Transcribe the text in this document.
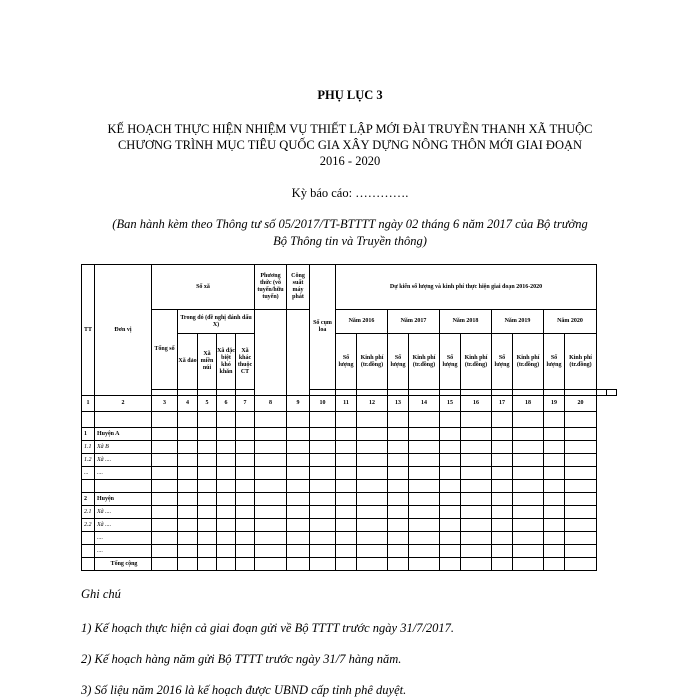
PHỤ LỤC 3
KẾ HOẠCH THỰC HIỆN NHIỆM VỤ THIẾT LẬP MỚI ĐÀI TRUYỀN THANH XÃ THUỘC
CHƯƠNG TRÌNH MỤC TIÊU QUỐC GIA XÂY DỰNG NÔNG THÔN MỚI GIAI ĐOẠN
2016 - 2020
Kỳ báo cáo: ………….
(Ban hành kèm theo Thông tư số 05/2017/TT-BTTTT ngày 02 tháng 6 năm 2017 của Bộ trưởng
Bộ Thông tin và Truyền thông)
TT	Đơn vị	Số xã					Phương thức (vô tuyến/hữu tuyến)	Công suất máy phát	Số cụm loa	Dự kiến số lượng và kinh phí thực hiện giai đoạn 2016-2020											
		Tổng số	Trong đó (đề nghị đánh dấu X)							Năm 2016		Năm 2017		Năm 2018		Năm 2019		Năm 2020			
			Xã đảo	Xã miền núi	Xã đặc biệt khó khăn	Xã khác thuộc CT				Số lượng	Kinh phí (tr.đồng)	Số lượng	Kinh phí (tr.đồng)	Số lượng	Kinh phí (tr.đồng)	Số lượng	Kinh phí (tr.đồng)	Số lượng	Kinh phí (tr.đồng)		

1	2	3	4	5	6	7	8	9	10	11	12	13	14	15	16	17	18	19	20		

1	Huyện A																				
1.1	Xã B																				
1.2	Xã ....																				
...	....																				

2	Huyện																				
2.1	Xã ....																				
2.2	Xã ....																				
	....																				
	....																				
	Tổng cộng																				
Ghi chú
1) Kế hoạch thực hiện cả giai đoạn gửi về Bộ TTTT trước ngày 31/7/2017.
2) Kế hoạch hàng năm gửi Bộ TTTT trước ngày 31/7 hàng năm.
3) Số liệu năm 2016 là kế hoạch được UBND cấp tỉnh phê duyệt.
